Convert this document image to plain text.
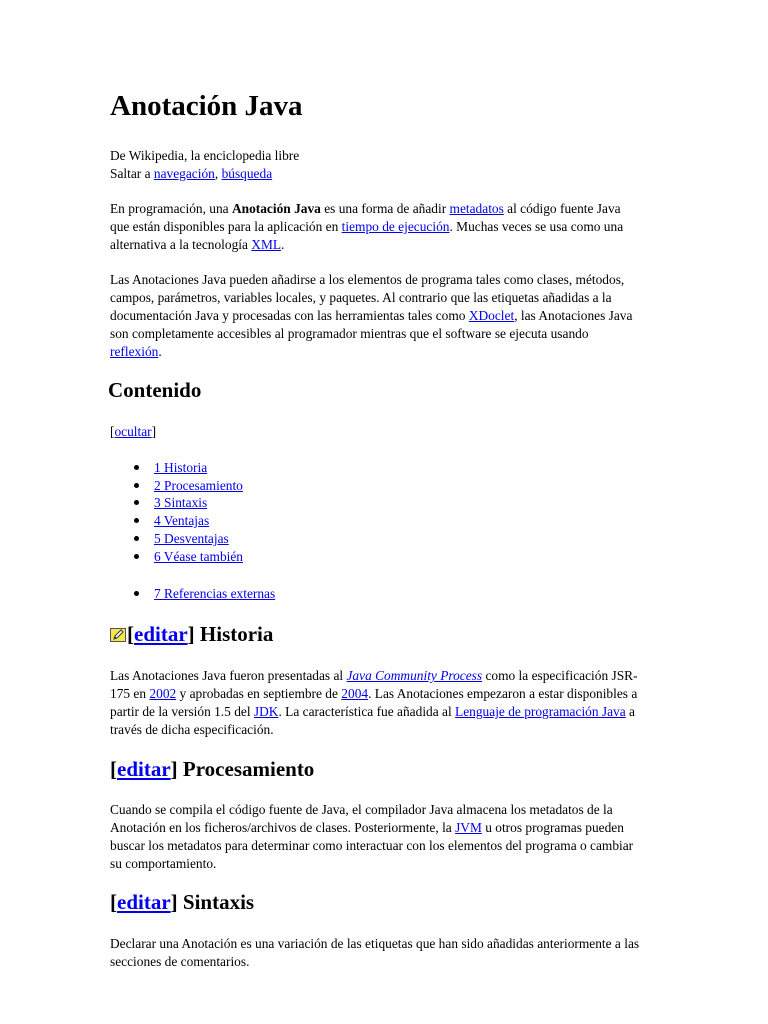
Anotación Java

De Wikipedia, la enciclopedia libre
Saltar a navegación, búsqueda

En programación, una Anotación Java es una forma de añadir metadatos al código fuente Java que están disponibles para la aplicación en tiempo de ejecución. Muchas veces se usa como una alternativa a la tecnología XML.

Las Anotaciones Java pueden añadirse a los elementos de programa tales como clases, métodos, campos, parámetros, variables locales, y paquetes. Al contrario que las etiquetas añadidas a la documentación Java y procesadas con las herramientas tales como XDoclet, las Anotaciones Java son completamente accesibles al programador mientras que el software se ejecuta usando reflexión.

Contenido
[ocultar]
1 Historia
2 Procesamiento
3 Sintaxis
4 Ventajas
5 Desventajas
6 Véase también
7 Referencias externas
[editar] Historia

Las Anotaciones Java fueron presentadas al Java Community Process como la especificación JSR-175 en 2002 y aprobadas en septiembre de 2004. Las Anotaciones empezaron a estar disponibles a partir de la versión 1.5 del JDK. La característica fue añadida al Lenguaje de programación Java a través de dicha especificación.

[editar] Procesamiento

Cuando se compila el código fuente de Java, el compilador Java almacena los metadatos de la Anotación en los ficheros/archivos de clases. Posteriormente, la JVM u otros programas pueden buscar los metadatos para determinar como interactuar con los elementos del programa o cambiar su comportamiento.

[editar] Sintaxis

Declarar una Anotación es una variación de las etiquetas que han sido añadidas anteriormente a las secciones de comentarios.
